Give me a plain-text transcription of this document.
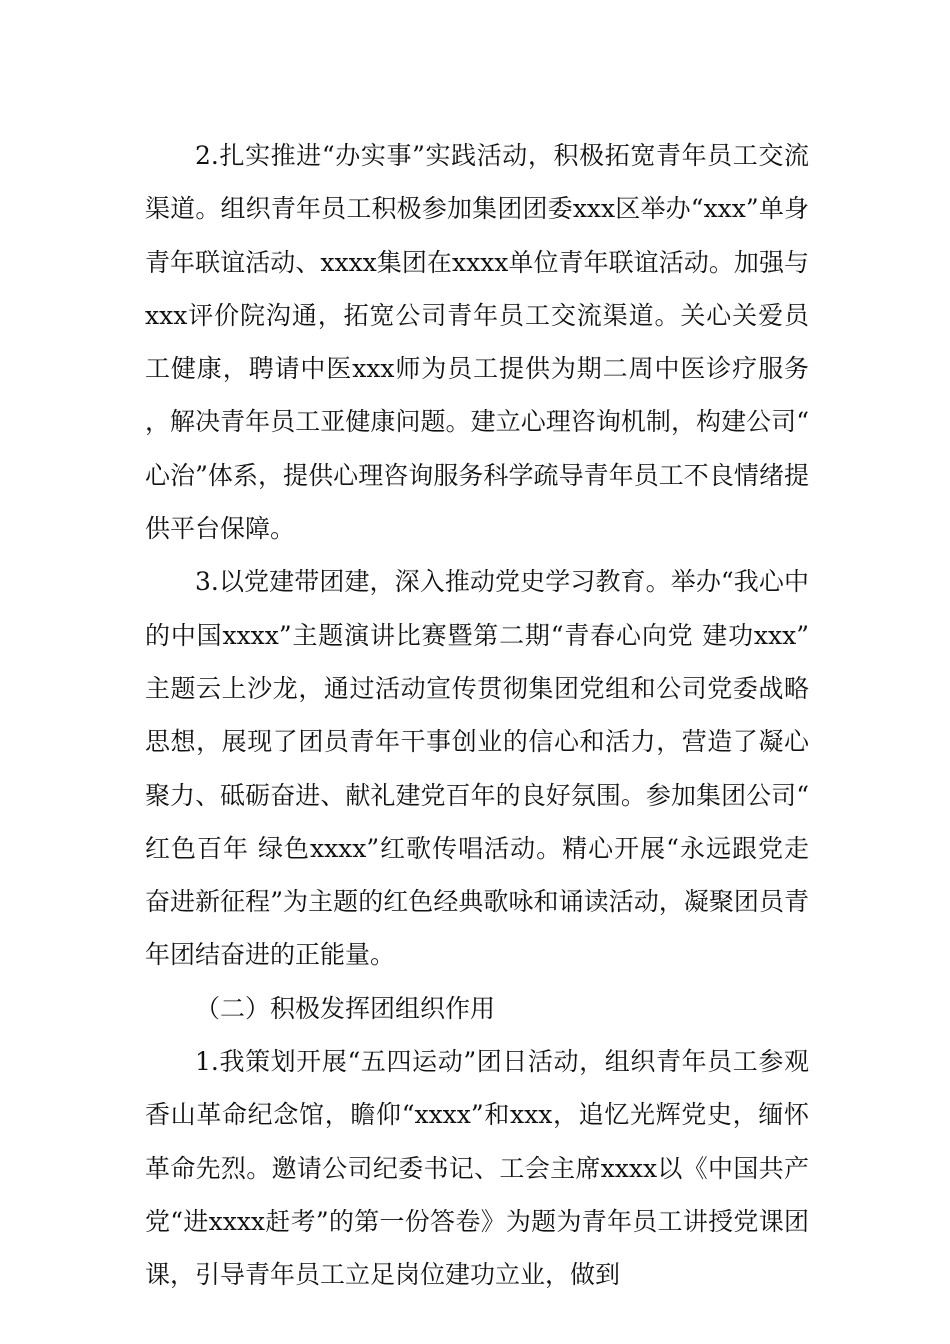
2.扎实推进“办实事”实践活动，积极拓宽青年员工交流渠道。组织青年员工积极参加集团团委xxx区举办“xxx”单身青年联谊活动、xxxx集团在xxxx单位青年联谊活动。加强与xxx评价院沟通，拓宽公司青年员工交流渠道。关心关爱员工健康，聘请中医xxx师为员工提供为期二周中医诊疗服务，解决青年员工亚健康问题。建立心理咨询机制，构建公司“心治”体系，提供心理咨询服务科学疏导青年员工不良情绪提供平台保障。

3.以党建带团建，深入推动党史学习教育。举办“我心中的中国xxxx”主题演讲比赛暨第二期“青春心向党 建功xxx”主题云上沙龙，通过活动宣传贯彻集团党组和公司党委战略思想，展现了团员青年干事创业的信心和活力，营造了凝心聚力、砥砺奋进、献礼建党百年的良好氛围。参加集团公司“红色百年 绿色xxxx”红歌传唱活动。精心开展“永远跟党走 奋进新征程”为主题的红色经典歌咏和诵读活动，凝聚团员青年团结奋进的正能量。

（二）积极发挥团组织作用

1.我策划开展“五四运动”团日活动，组织青年员工参观香山革命纪念馆，瞻仰“xxxx”和xxx，追忆光辉党史，缅怀革命先烈。邀请公司纪委书记、工会主席xxxx以《中国共产党“进xxxx赶考”的第一份答卷》为题为青年员工讲授党课团课，引导青年员工立足岗位建功立业，做到
